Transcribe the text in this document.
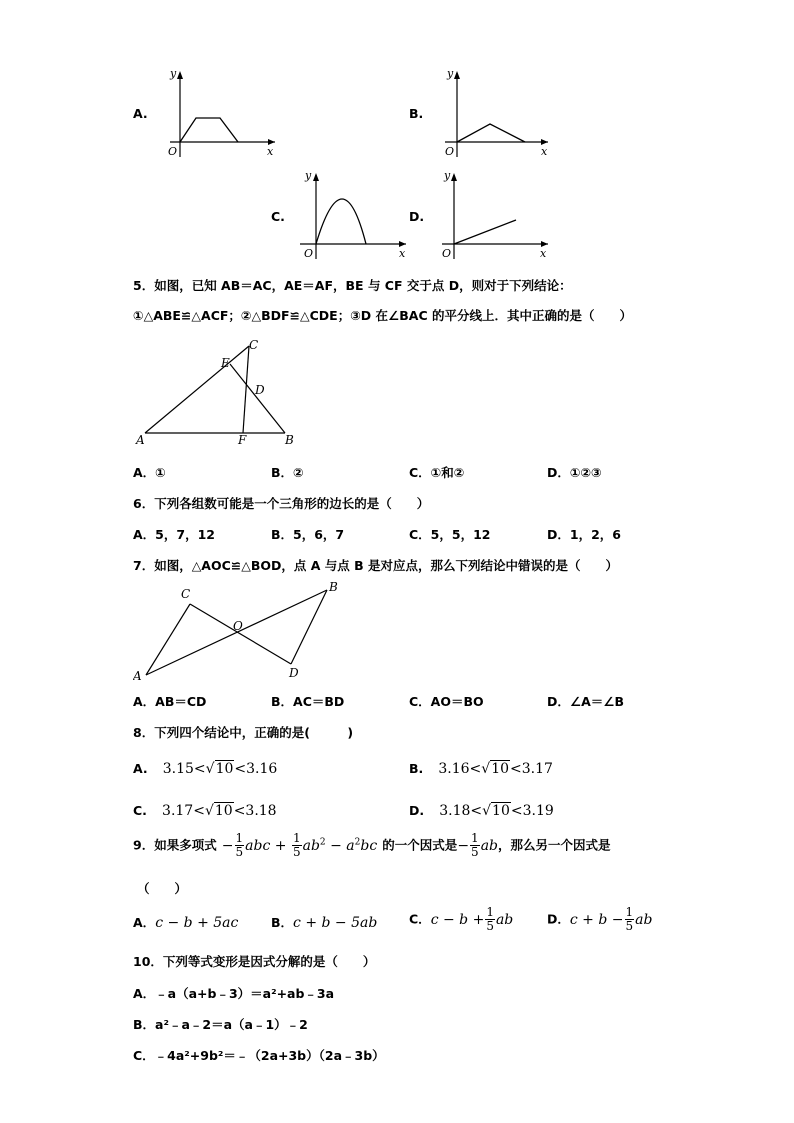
A.
y
x
O
B.
y
x
O
C.
y
x
O
D.
y
x
O
5．如图，已知 AB＝AC，AE＝AF，BE 与 CF 交于点 D，则对于下列结论：
①△ABE≌△ACF；②△BDF≌△CDE；③D 在∠BAC 的平分线上．其中正确的是（　　）
A	B
C
D
E
F
A．①	B．②	C．①和②	D．①②③
6．下列各组数可能是一个三角形的边长的是（　　）
A．5，7，12	B．5，6，7	C．5，5，12	D．1，2，6
7．如图，△AOC≌△BOD，点 A 与点 B 是对应点，那么下列结论中错误的是（　　）
A
B
C
D
O
A．AB＝CD	B．AC＝BD	C．AO＝BO	D．∠A＝∠B
8．下列四个结论中，正确的是(　　　)
A. 3.15<√10<3.16	B. 3.16<√10<3.17
C. 3.17<√10<3.18	D. 3.18<√10<3.19
9．如果多项式 − $\frac{1}{5}$ abc + $\frac{1}{5} ab^2 - a^2bc$ 的一个因式是− $\frac{1}{5}$ ab，那么另一个因式是
（　　）
A．c − b + 5ac	B．c + b − 5ab	C．$c - b + \frac{1}{5}$ ab	D．$c + b - \frac{1}{5}$ ab
10．下列等式变形是因式分解的是（　　）
A．﹣a（a+b﹣3）＝a²+ab﹣3a
B．a²﹣a﹣2＝a（a﹣1）﹣2
C．﹣4a²+9b²＝﹣（2a+3b）（2a﹣3b）
